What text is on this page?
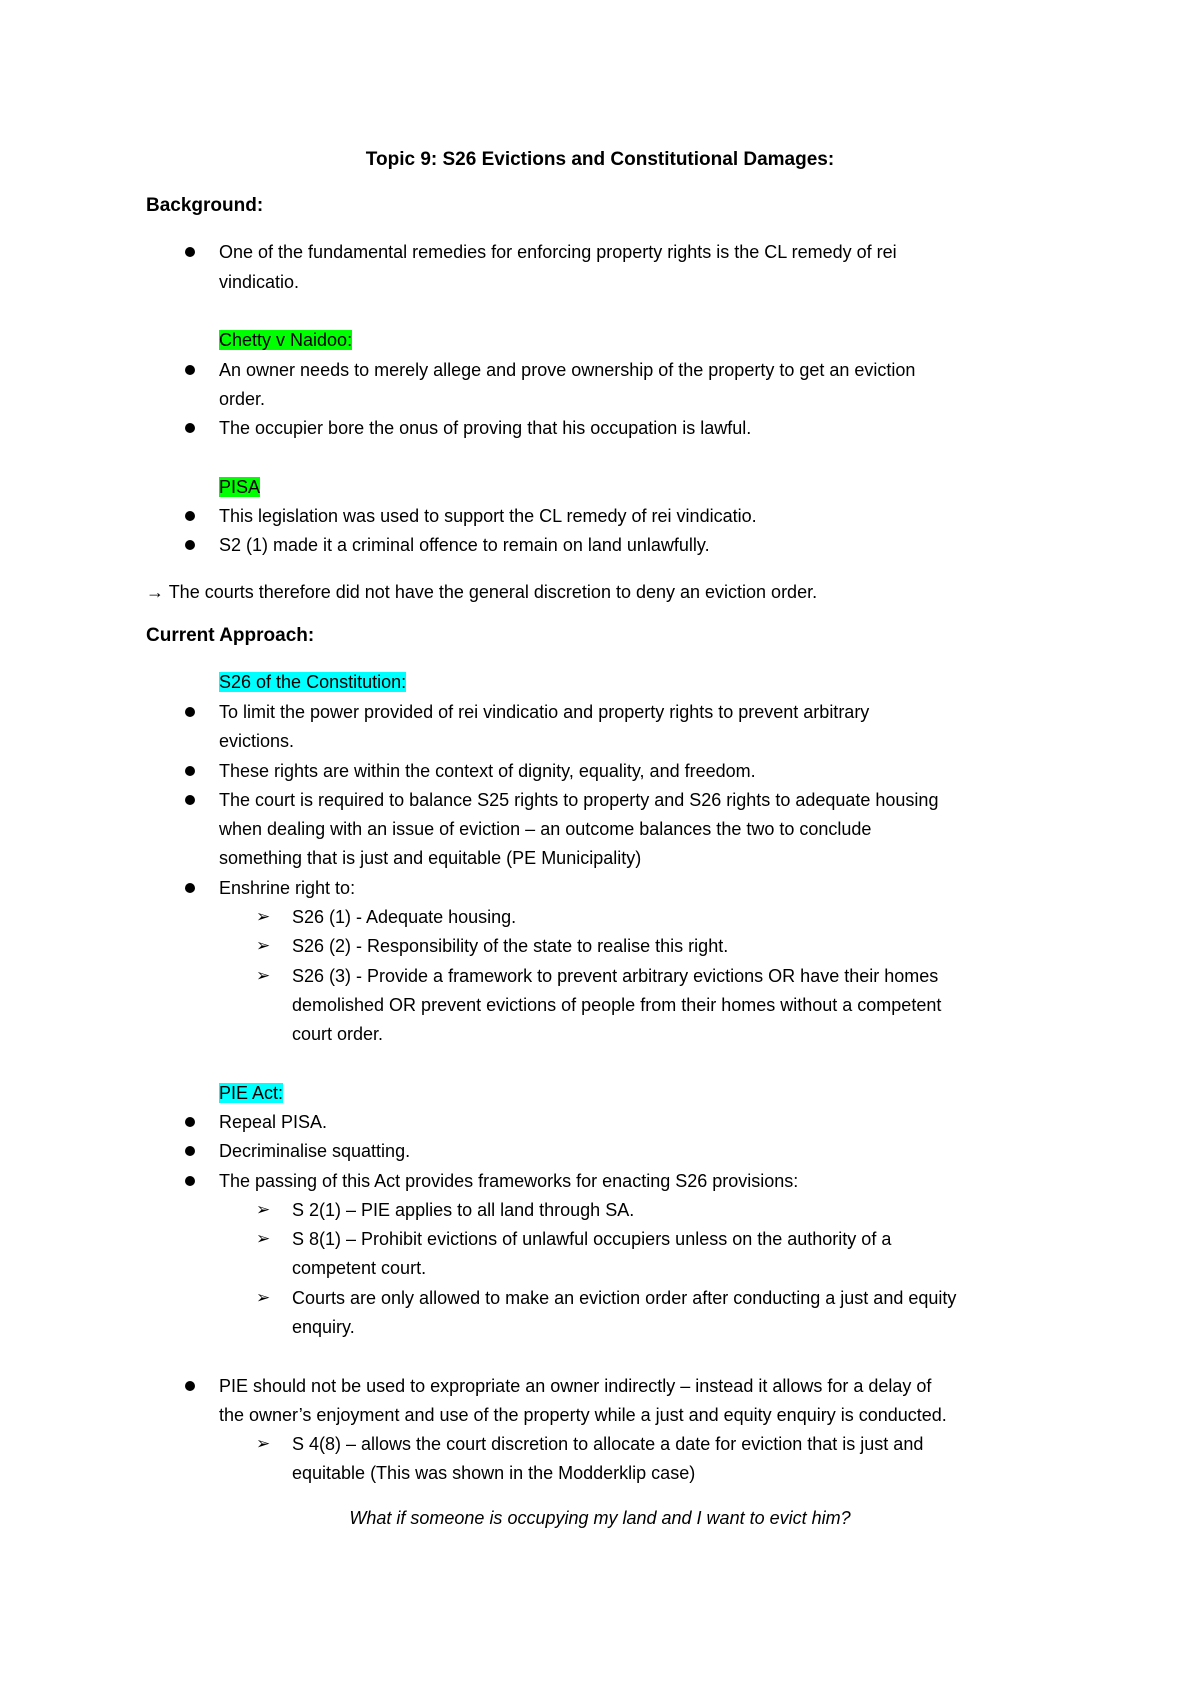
Topic 9: S26 Evictions and Constitutional Damages:
Background:
One of the fundamental remedies for enforcing property rights is the CL remedy of rei
vindicatio.
Chetty v Naidoo:
An owner needs to merely allege and prove ownership of the property to get an eviction
order.
The occupier bore the onus of proving that his occupation is lawful.
PISA
This legislation was used to support the CL remedy of rei vindicatio.
S2 (1) made it a criminal offence to remain on land unlawfully.
→ The courts therefore did not have the general discretion to deny an eviction order.
Current Approach:
S26 of the Constitution:
To limit the power provided of rei vindicatio and property rights to prevent arbitrary
evictions.
These rights are within the context of dignity, equality, and freedom.
The court is required to balance S25 rights to property and S26 rights to adequate housing
when dealing with an issue of eviction – an outcome balances the two to conclude
something that is just and equitable (PE Municipality)
Enshrine right to:
➢ S26 (1) - Adequate housing.
➢ S26 (2) - Responsibility of the state to realise this right.
➢ S26 (3) - Provide a framework to prevent arbitrary evictions OR have their homes
demolished OR prevent evictions of people from their homes without a competent
court order.
PIE Act:
Repeal PISA.
Decriminalise squatting.
The passing of this Act provides frameworks for enacting S26 provisions:
➢ S 2(1) – PIE applies to all land through SA.
➢ S 8(1) – Prohibit evictions of unlawful occupiers unless on the authority of a
competent court.
➢ Courts are only allowed to make an eviction order after conducting a just and equity
enquiry.
PIE should not be used to expropriate an owner indirectly – instead it allows for a delay of
the owner’s enjoyment and use of the property while a just and equity enquiry is conducted.
➢ S 4(8) – allows the court discretion to allocate a date for eviction that is just and
equitable (This was shown in the Modderklip case)
What if someone is occupying my land and I want to evict him?
